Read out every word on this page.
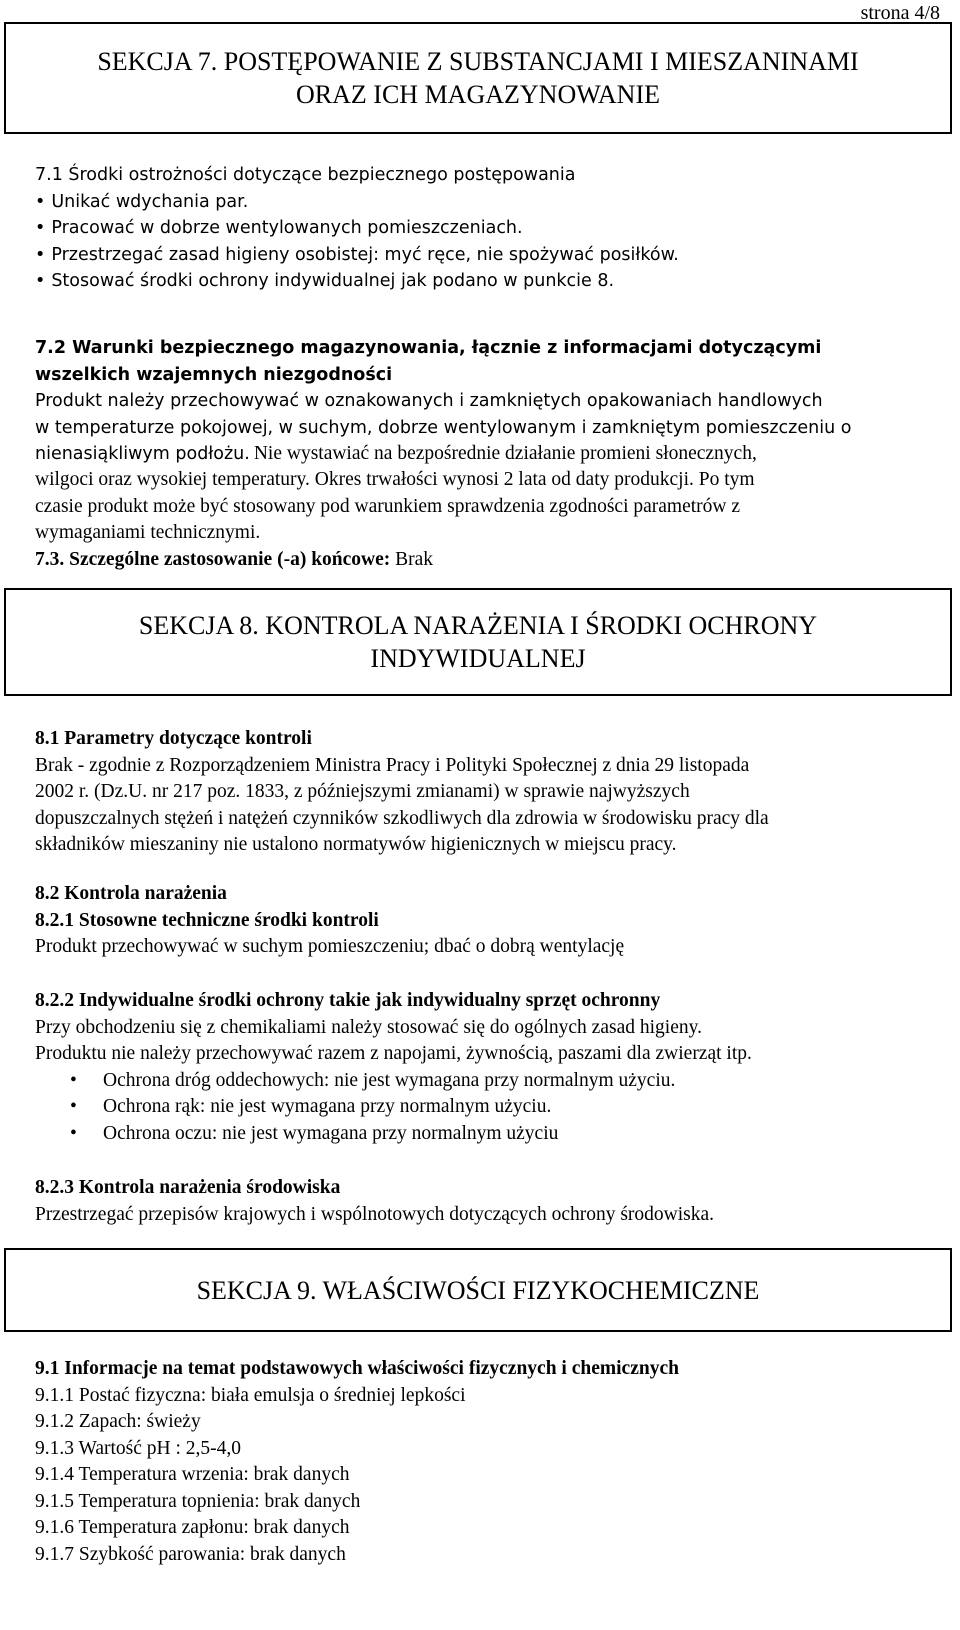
strona 4/8
SEKCJA 7. POSTĘPOWANIE Z SUBSTANCJAMI I MIESZANINAMI
ORAZ ICH MAGAZYNOWANIE

7.1 Środki ostrożności dotyczące bezpiecznego postępowania

• Unikać wdychania par.

• Pracować w dobrze wentylowanych pomieszczeniach.

• Przestrzegać zasad higieny osobistej: myć ręce, nie spożywać posiłków.

• Stosować środki ochrony indywidualnej jak podano w punkcie 8.

7.2 Warunki bezpiecznego magazynowania, łącznie z informacjami dotyczącymi

wszelkich wzajemnych niezgodności

Produkt należy przechowywać w oznakowanych i zamkniętych opakowaniach handlowych

w temperaturze pokojowej, w suchym, dobrze wentylowanym i zamkniętym pomieszczeniu o

nienasiąkliwym podłożu. Nie wystawiać na bezpośrednie działanie promieni słonecznych,

wilgoci oraz wysokiej temperatury. Okres trwałości wynosi 2 lata od daty produkcji. Po tym

czasie produkt może być stosowany pod warunkiem sprawdzenia zgodności parametrów z

wymaganiami technicznymi.

7.3. Szczególne zastosowanie (-a) końcowe: Brak

SEKCJA 8. KONTROLA NARAŻENIA I ŚRODKI OCHRONY
INDYWIDUALNEJ

8.1 Parametry dotyczące kontroli

Brak - zgodnie z Rozporządzeniem Ministra Pracy i Polityki Społecznej z dnia 29 listopada

2002 r. (Dz.U. nr 217 poz. 1833, z późniejszymi zmianami) w sprawie najwyższych

dopuszczalnych stężeń i natężeń czynników szkodliwych dla zdrowia w środowisku pracy dla

składników mieszaniny nie ustalono normatywów higienicznych w miejscu pracy.

8.2 Kontrola narażenia

8.2.1 Stosowne techniczne środki kontroli

Produkt przechowywać w suchym pomieszczeniu; dbać o dobrą wentylację

8.2.2 Indywidualne środki ochrony takie jak indywidualny sprzęt ochronny

Przy obchodzeniu się z chemikaliami należy stosować się do ogólnych zasad higieny.

Produktu nie należy przechowywać razem z napojami, żywnością, paszami dla zwierząt itp.

• Ochrona dróg oddechowych: nie jest wymagana przy normalnym użyciu.
• Ochrona rąk: nie jest wymagana przy normalnym użyciu.
• Ochrona oczu: nie jest wymagana przy normalnym użyciu

8.2.3 Kontrola narażenia środowiska

Przestrzegać przepisów krajowych i wspólnotowych dotyczących ochrony środowiska.

SEKCJA 9. WŁAŚCIWOŚCI FIZYKOCHEMICZNE

9.1 Informacje na temat podstawowych właściwości fizycznych i chemicznych

9.1.1 Postać fizyczna: biała emulsja o średniej lepkości

9.1.2 Zapach: świeży

9.1.3 Wartość pH : 2,5-4,0

9.1.4 Temperatura wrzenia: brak danych

9.1.5 Temperatura topnienia: brak danych

9.1.6 Temperatura zapłonu: brak danych

9.1.7 Szybkość parowania: brak danych
